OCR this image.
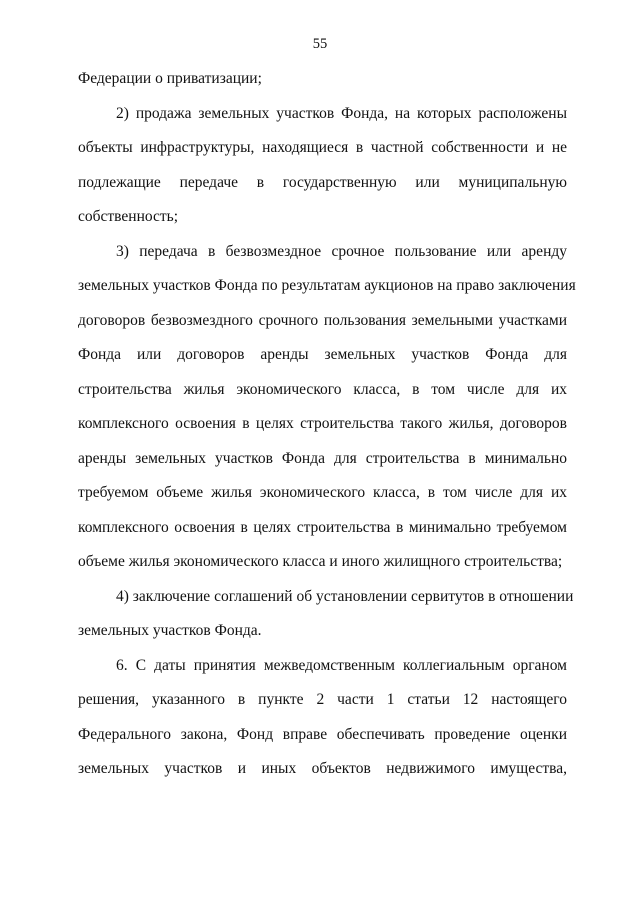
55
Федерации о приватизации;
2) продажа земельных участков Фонда, на которых расположены
объекты инфраструктуры, находящиеся в частной собственности и не
подлежащие передаче в государственную или муниципальную
собственность;
3) передача в безвозмездное срочное пользование или аренду
земельных участков Фонда по результатам аукционов на право заключения
договоров безвозмездного срочного пользования земельными участками
Фонда или договоров аренды земельных участков Фонда для
строительства жилья экономического класса, в том числе для их
комплексного освоения в целях строительства такого жилья, договоров
аренды земельных участков Фонда для строительства в минимально
требуемом объеме жилья экономического класса, в том числе для их
комплексного освоения в целях строительства в минимально требуемом
объеме жилья экономического класса и иного жилищного строительства;
4) заключение соглашений об установлении сервитутов в отношении
земельных участков Фонда.
6. С даты принятия межведомственным коллегиальным органом
решения, указанного в пункте 2 части 1 статьи 12 настоящего
Федерального закона, Фонд вправе обеспечивать проведение оценки
земельных участков и иных объектов недвижимого имущества,
